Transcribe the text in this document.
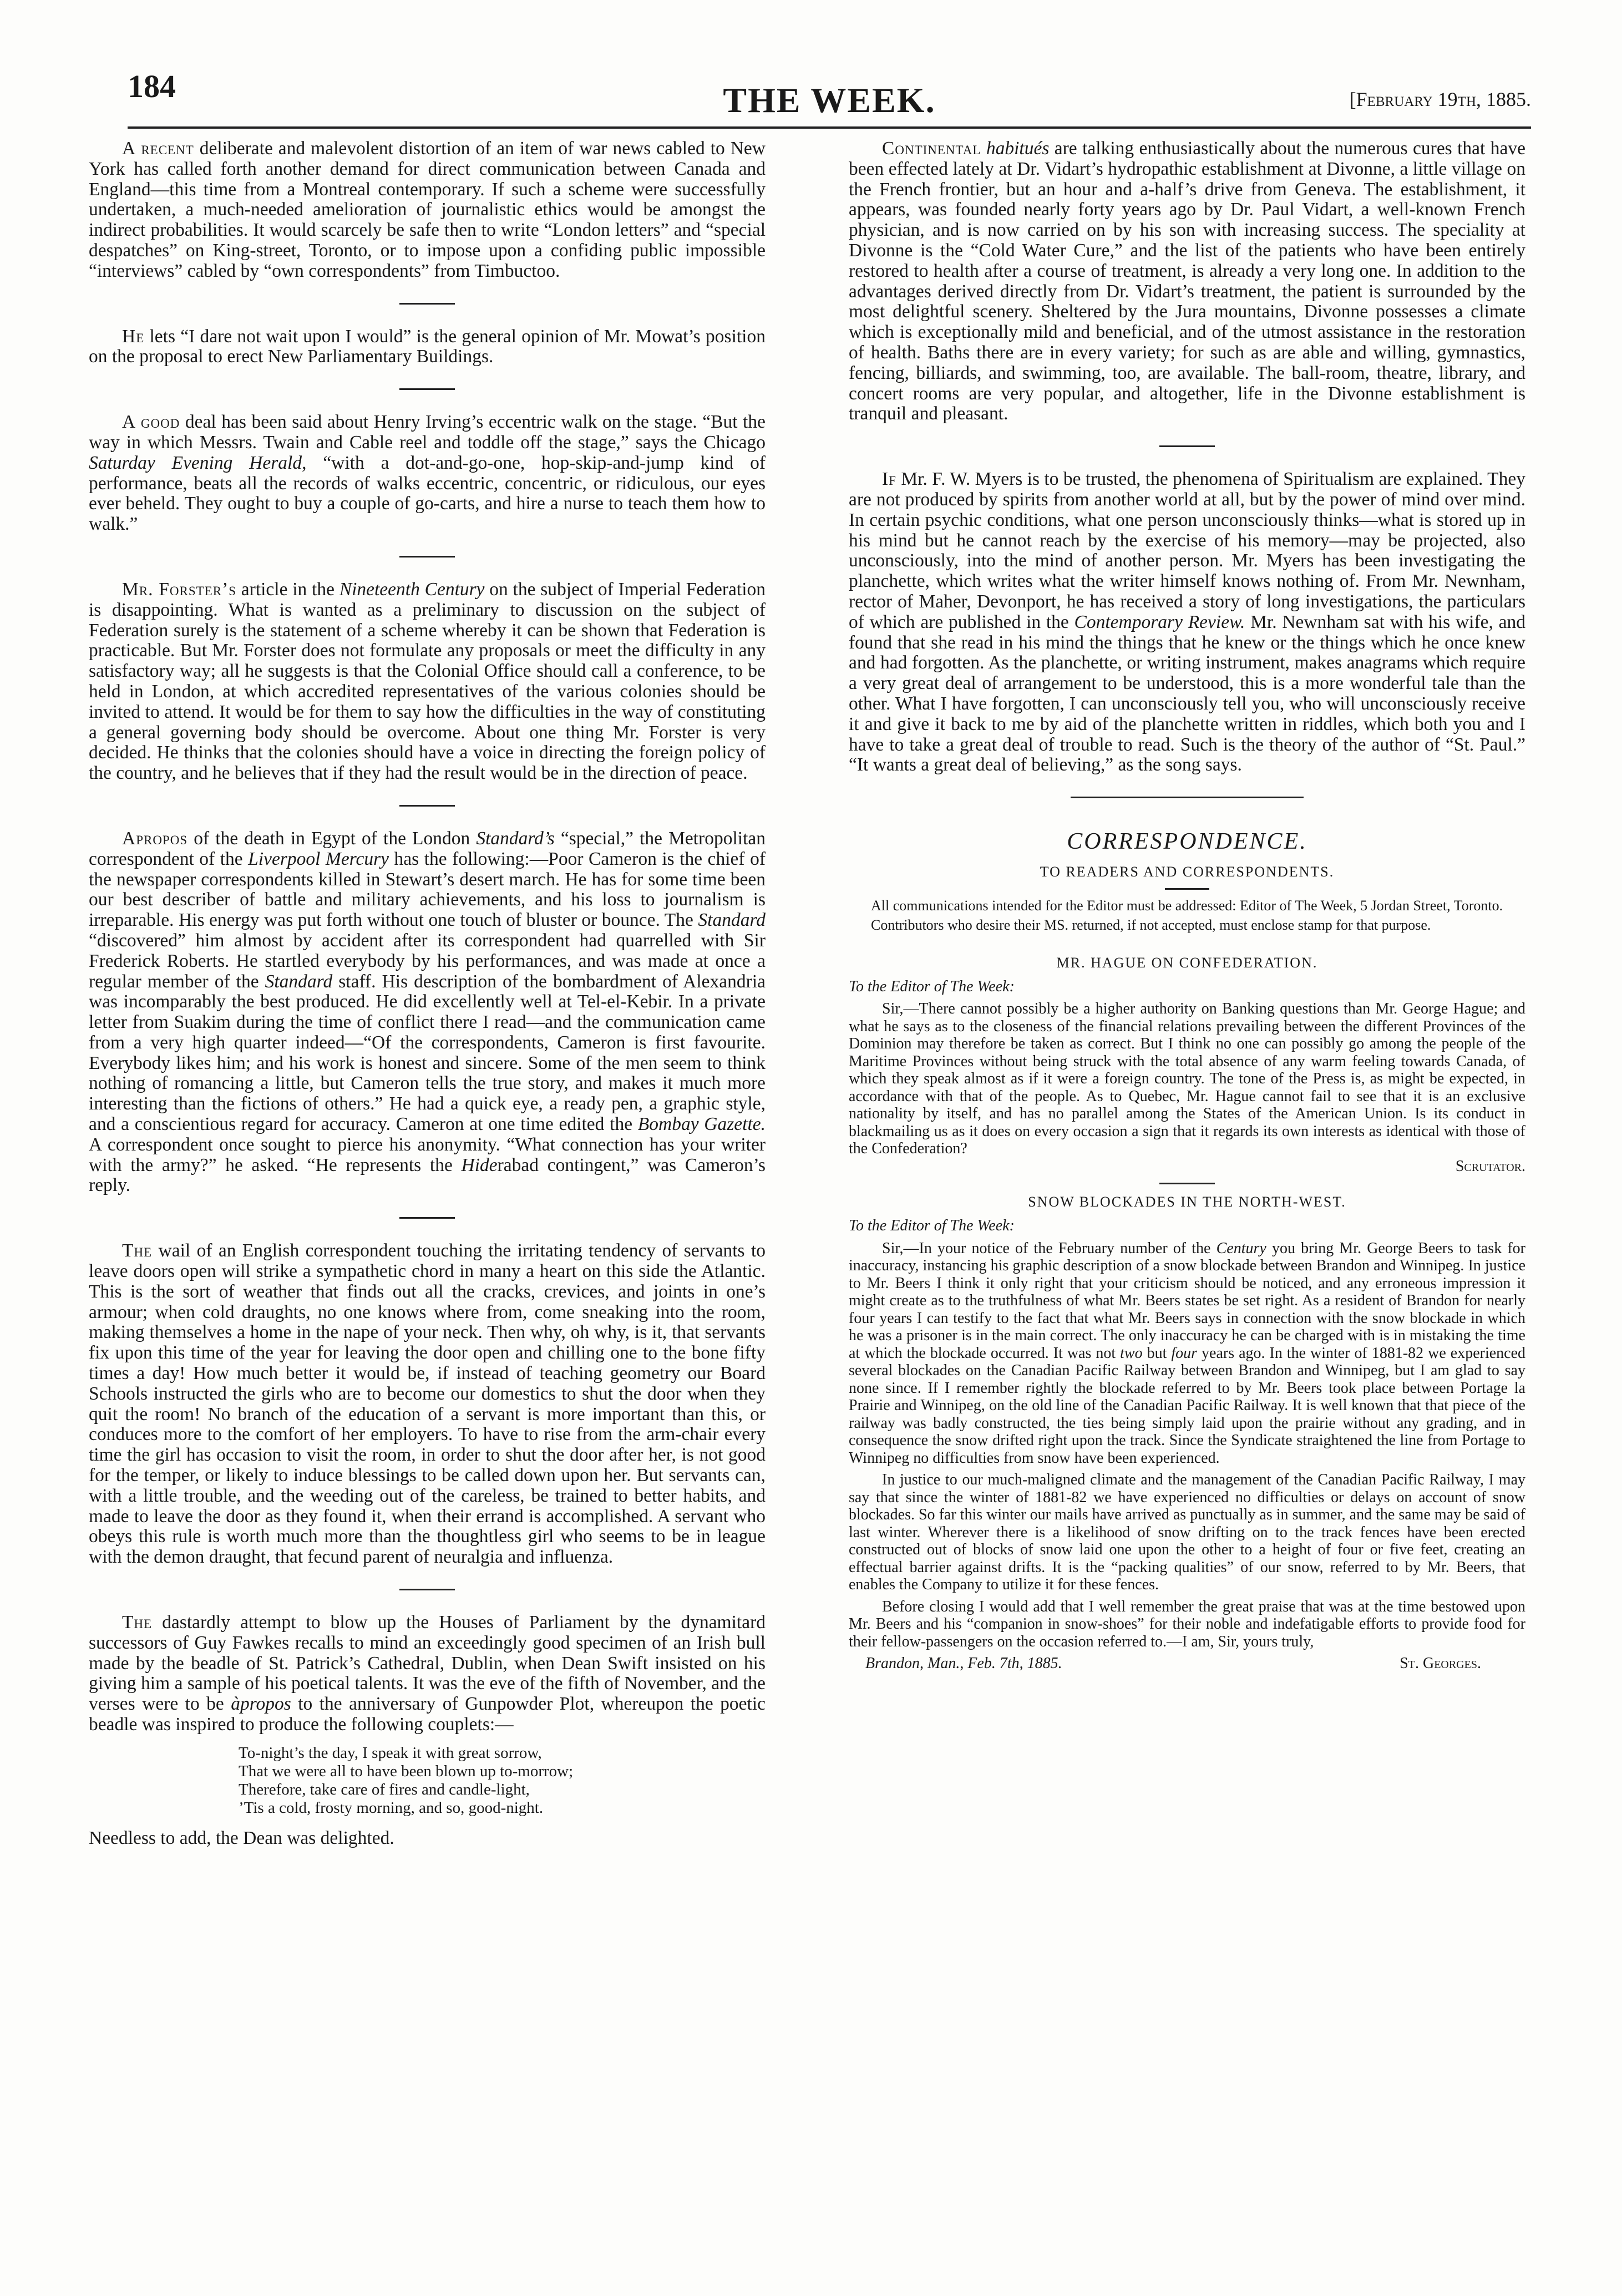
184	THE WEEK.	[February 19th, 1885.

A recent deliberate and malevolent distortion of an item of war news cabled to New York has called forth another demand for direct communication between Canada and England—this time from a Montreal contemporary. If such a scheme were successfully undertaken, a much-needed amelioration of journalistic ethics would be amongst the indirect probabilities. It would scarcely be safe then to write “London letters” and “special despatches” on King-street, Toronto, or to impose upon a confiding public impossible “interviews” cabled by “own correspondents” from Timbuctoo.

He lets “I dare not wait upon I would” is the general opinion of Mr. Mowat’s position on the proposal to erect New Parliamentary Buildings.

A good deal has been said about Henry Irving’s eccentric walk on the stage. “But the way in which Messrs. Twain and Cable reel and toddle off the stage,” says the Chicago Saturday Evening Herald, “with a dot-and-go-one, hop-skip-and-jump kind of performance, beats all the records of walks eccentric, concentric, or ridiculous, our eyes ever beheld. They ought to buy a couple of go-carts, and hire a nurse to teach them how to walk.”

Mr. Forster’s article in the Nineteenth Century on the subject of Imperial Federation is disappointing. What is wanted as a preliminary to discussion on the subject of Federation surely is the statement of a scheme whereby it can be shown that Federation is practicable. But Mr. Forster does not formulate any proposals or meet the difficulty in any satisfactory way; all he suggests is that the Colonial Office should call a conference, to be held in London, at which accredited representatives of the various colonies should be invited to attend. It would be for them to say how the difficulties in the way of constituting a general governing body should be overcome. About one thing Mr. Forster is very decided. He thinks that the colonies should have a voice in directing the foreign policy of the country, and he believes that if they had the result would be in the direction of peace.

Apropos of the death in Egypt of the London Standard’s “special,” the Metropolitan correspondent of the Liverpool Mercury has the following:—Poor Cameron is the chief of the newspaper correspondents killed in Stewart’s desert march. He has for some time been our best describer of battle and military achievements, and his loss to journalism is irreparable. His energy was put forth without one touch of bluster or bounce. The Standard “discovered” him almost by accident after its correspondent had quarrelled with Sir Frederick Roberts. He startled everybody by his performances, and was made at once a regular member of the Standard staff. His description of the bombardment of Alexandria was incomparably the best produced. He did excellently well at Tel-el-Kebir. In a private letter from Suakim during the time of conflict there I read—and the communication came from a very high quarter indeed—“Of the correspondents, Cameron is first favourite. Everybody likes him; and his work is honest and sincere. Some of the men seem to think nothing of romancing a little, but Cameron tells the true story, and makes it much more interesting than the fictions of others.” He had a quick eye, a ready pen, a graphic style, and a conscientious regard for accuracy. Cameron at one time edited the Bombay Gazette. A correspondent once sought to pierce his anonymity. “What connection has your writer with the army?” he asked. “He represents the Hiderabad contingent,” was Cameron’s reply.

The wail of an English correspondent touching the irritating tendency of servants to leave doors open will strike a sympathetic chord in many a heart on this side the Atlantic. This is the sort of weather that finds out all the cracks, crevices, and joints in one’s armour; when cold draughts, no one knows where from, come sneaking into the room, making themselves a home in the nape of your neck. Then why, oh why, is it, that servants fix upon this time of the year for leaving the door open and chilling one to the bone fifty times a day! How much better it would be, if instead of teaching geometry our Board Schools instructed the girls who are to become our domestics to shut the door when they quit the room! No branch of the education of a servant is more important than this, or conduces more to the comfort of her employers. To have to rise from the arm-chair every time the girl has occasion to visit the room, in order to shut the door after her, is not good for the temper, or likely to induce blessings to be called down upon her. But servants can, with a little trouble, and the weeding out of the careless, be trained to better habits, and made to leave the door as they found it, when their errand is accomplished. A servant who obeys this rule is worth much more than the thoughtless girl who seems to be in league with the demon draught, that fecund parent of neuralgia and influenza.

The dastardly attempt to blow up the Houses of Parliament by the dynamitard successors of Guy Fawkes recalls to mind an exceedingly good specimen of an Irish bull made by the beadle of St. Patrick’s Cathedral, Dublin, when Dean Swift insisted on his giving him a sample of his poetical talents. It was the eve of the fifth of November, and the verses were to be àpropos to the anniversary of Gunpowder Plot, whereupon the poetic beadle was inspired to produce the following couplets:—

To-night’s the day, I speak it with great sorrow,
That we were all to have been blown up to-morrow;
Therefore, take care of fires and candle-light,
’Tis a cold, frosty morning, and so, good-night.
Needless to add, the Dean was delighted.

Continental habitués are talking enthusiastically about the numerous cures that have been effected lately at Dr. Vidart’s hydropathic establishment at Divonne, a little village on the French frontier, but an hour and a-half’s drive from Geneva. The establishment, it appears, was founded nearly forty years ago by Dr. Paul Vidart, a well-known French physician, and is now carried on by his son with increasing success. The speciality at Divonne is the “Cold Water Cure,” and the list of the patients who have been entirely restored to health after a course of treatment, is already a very long one. In addition to the advantages derived directly from Dr. Vidart’s treatment, the patient is surrounded by the most delightful scenery. Sheltered by the Jura mountains, Divonne possesses a climate which is exceptionally mild and beneficial, and of the utmost assistance in the restoration of health. Baths there are in every variety; for such as are able and willing, gymnastics, fencing, billiards, and swimming, too, are available. The ball-room, theatre, library, and concert rooms are very popular, and altogether, life in the Divonne establishment is tranquil and pleasant.

If Mr. F. W. Myers is to be trusted, the phenomena of Spiritualism are explained. They are not produced by spirits from another world at all, but by the power of mind over mind. In certain psychic conditions, what one person unconsciously thinks—what is stored up in his mind but he cannot reach by the exercise of his memory—may be projected, also unconsciously, into the mind of another person. Mr. Myers has been investigating the planchette, which writes what the writer himself knows nothing of. From Mr. Newnham, rector of Maher, Devonport, he has received a story of long investigations, the particulars of which are published in the Contemporary Review. Mr. Newnham sat with his wife, and found that she read in his mind the things that he knew or the things which he once knew and had forgotten. As the planchette, or writing instrument, makes anagrams which require a very great deal of arrangement to be understood, this is a more wonderful tale than the other. What I have forgotten, I can unconsciously tell you, who will unconsciously receive it and give it back to me by aid of the planchette written in riddles, which both you and I have to take a great deal of trouble to read. Such is the theory of the author of “St. Paul.” “It wants a great deal of believing,” as the song says.

CORRESPONDENCE.
TO READERS AND CORRESPONDENTS.
All communications intended for the Editor must be addressed: Editor of The Week, 5 Jordan Street, Toronto.
Contributors who desire their MS. returned, if not accepted, must enclose stamp for that purpose.
MR. HAGUE ON CONFEDERATION.
To the Editor of The Week:

Sir,—There cannot possibly be a higher authority on Banking questions than Mr. George Hague; and what he says as to the closeness of the financial relations prevailing between the different Provinces of the Dominion may therefore be taken as correct. But I think no one can possibly go among the people of the Maritime Provinces without being struck with the total absence of any warm feeling towards Canada, of which they speak almost as if it were a foreign country. The tone of the Press is, as might be expected, in accordance with that of the people. As to Quebec, Mr. Hague cannot fail to see that it is an exclusive nationality by itself, and has no parallel among the States of the American Union. Is its conduct in blackmailing us as it does on every occasion a sign that it regards its own interests as identical with those of the Confederation?
Scrutator.

SNOW BLOCKADES IN THE NORTH-WEST.
To the Editor of The Week:

Sir,—In your notice of the February number of the Century you bring Mr. George Beers to task for inaccuracy, instancing his graphic description of a snow blockade between Brandon and Winnipeg. In justice to Mr. Beers I think it only right that your criticism should be noticed, and any erroneous impression it might create as to the truthfulness of what Mr. Beers states be set right. As a resident of Brandon for nearly four years I can testify to the fact that what Mr. Beers says in connection with the snow blockade in which he was a prisoner is in the main correct. The only inaccuracy he can be charged with is in mistaking the time at which the blockade occurred. It was not two but four years ago. In the winter of 1881-82 we experienced several blockades on the Canadian Pacific Railway between Brandon and Winnipeg, but I am glad to say none since. If I remember rightly the blockade referred to by Mr. Beers took place between Portage la Prairie and Winnipeg, on the old line of the Canadian Pacific Railway. It is well known that that piece of the railway was badly constructed, the ties being simply laid upon the prairie without any grading, and in consequence the snow drifted right upon the track. Since the Syndicate straightened the line from Portage to Winnipeg no difficulties from snow have been experienced.

In justice to our much-maligned climate and the management of the Canadian Pacific Railway, I may say that since the winter of 1881-82 we have experienced no difficulties or delays on account of snow blockades. So far this winter our mails have arrived as punctually as in summer, and the same may be said of last winter. Wherever there is a likelihood of snow drifting on to the track fences have been erected constructed out of blocks of snow laid one upon the other to a height of four or five feet, creating an effectual barrier against drifts. It is the “packing qualities” of our snow, referred to by Mr. Beers, that enables the Company to utilize it for these fences.

Before closing I would add that I well remember the great praise that was at the time bestowed upon Mr. Beers and his “companion in snow-shoes” for their noble and indefatigable efforts to provide food for their fellow-passengers on the occasion referred to.—I am, Sir, yours truly,

Brandon, Man., Feb. 7th, 1885.	St. Georges.
